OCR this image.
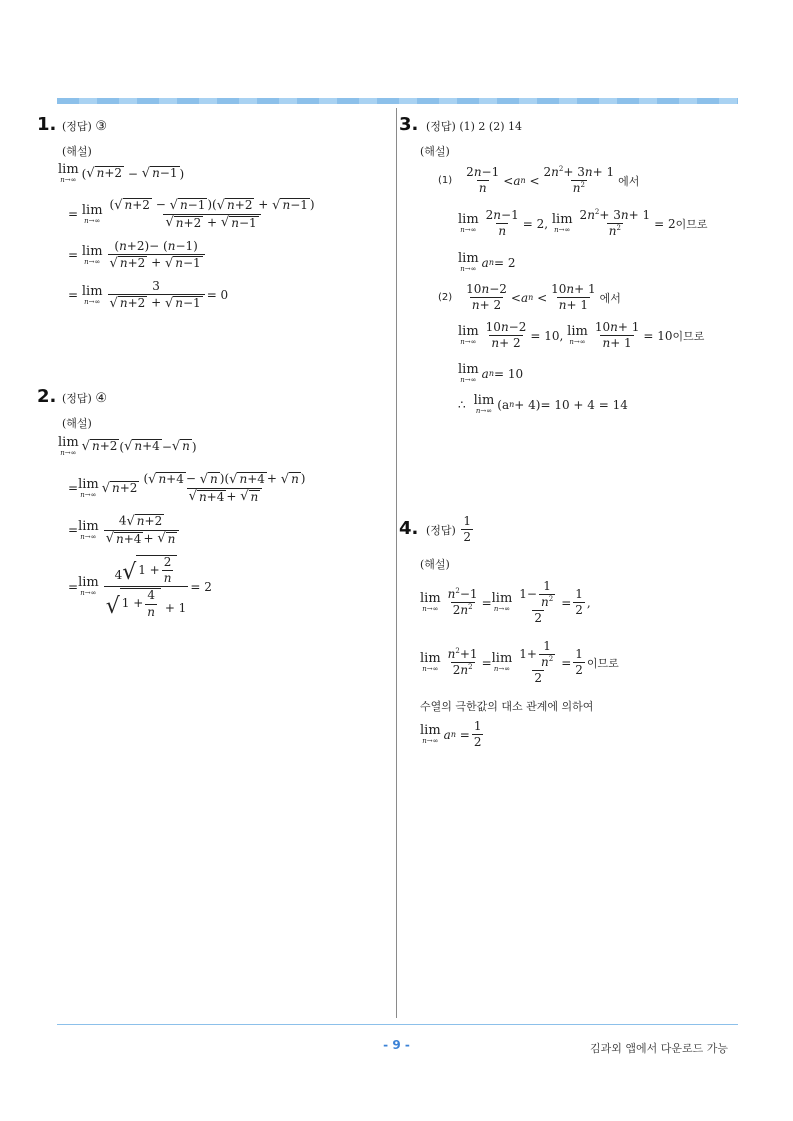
1. (정답) ③
(해설)
lim
n→∞ ( √ n+2 − √ n−1 )
= lim
$n\to\infty \frac{( √ n+2 - √ n-1 )( √ n+2 + √ n-1 )}{√ n+2 + √ n-1}$
= lim
$n\to\infty \frac{(n+2)- (n-1)}{√ n+2 + √ n-1}$
= lim
$n\to\infty \frac{3}{√ n+2 + √ n-1} = 0$
2. (정답) ④
(해설)
lim
n→∞ √ n+2 ( √ n+4 − √ n )
= lim
n→∞ √ $n+2 \frac{( √ n+4 - √ n )( √ n+4 + √ n )}{√ n+4 + √ n}$
= lim
$n\to\infty \frac{4 √ n+2}{√ n+4 + √ n}$
= lim
$n\to\infty \frac{4 √ 1 + \frac{2}{n}}{√ 1 + \frac{4}{n} + 1} = 2$
3. (정답) (1) 2 (2) 14
(해설)
$(1) \frac{2n-1}{n} < a$ $n < \frac{2n^2+ 3n+ 1}{n^2}$ 에서
lim
$n\to\infty \frac{2n-1}{n} = 2$,
lim
$n\to\infty \frac{2n^2+ 3n+ 1}{n^2} = 2$ 이므로
lim
n→∞ a n = 2
$(2) \frac{10n-2}{n+ 2} < a$ $n < \frac{10n+ 1}{n+ 1}$ 에서
lim
$n\to\infty \frac{10n-2}{n+ 2} = 10$,
lim
$n\to\infty \frac{10n+ 1}{n+ 1} = 10$ 이므로
lim
n→∞ a n = 10
∴ lim
n→∞ (a n + 4)= 10 + 4 = 14
4. (정답)
$\frac{1}{2}$
(해설)
lim
$n\to\infty \frac{n^2-1}{2n^2} = \lim$
$n\to\infty \frac{1- \frac{1}{n^2}}{2} = \frac{1}{2}$ ,
lim
$n\to\infty \frac{n^2+1}{2n^2} = \lim$
$n\to\infty \frac{1+ \frac{1}{n^2}}{2} = \frac{1}{2}$ 이므로
수열의 극한값의 대소 관계에 의하여
lim
n→∞ a $n = \frac{1}{2}$
- 9 -	김과외 앱에서 다운로드 가능
